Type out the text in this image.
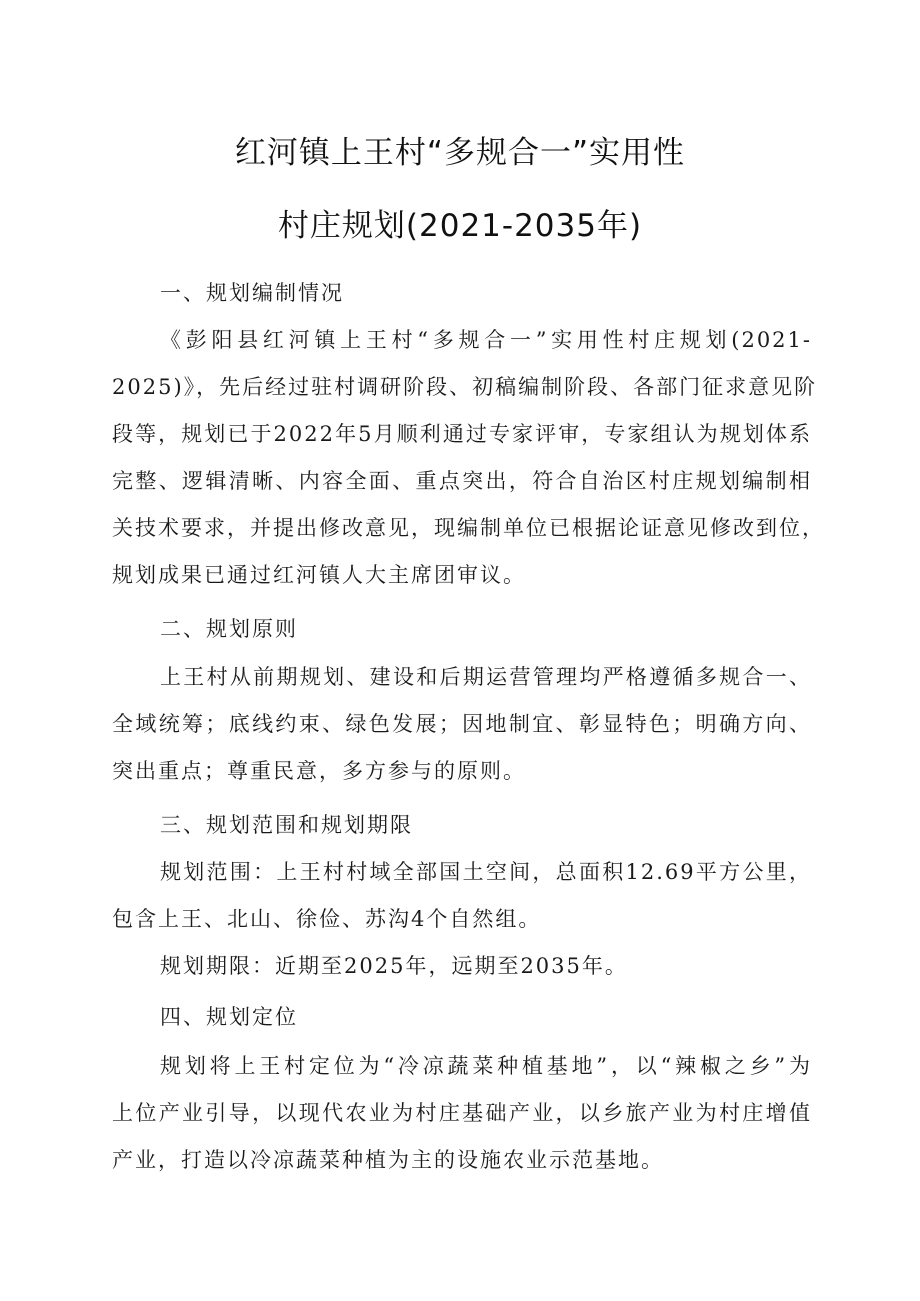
红河镇上王村“多规合一”实用性
村庄规划(2021-2035年)
一、规划编制情况
《彭阳县红河镇上王村“多规合一”实用性村庄规划(2021-
2025)》，先后经过驻村调研阶段、初稿编制阶段、各部门征求意见阶
段等，规划已于2022年5月顺利通过专家评审，专家组认为规划体系
完整、逻辑清晰、内容全面、重点突出，符合自治区村庄规划编制相
关技术要求，并提出修改意见，现编制单位已根据论证意见修改到位，
规划成果已通过红河镇人大主席团审议。
二、规划原则
上王村从前期规划、建设和后期运营管理均严格遵循多规合一、
全域统筹；底线约束、绿色发展；因地制宜、彰显特色；明确方向、
突出重点；尊重民意，多方参与的原则。
三、规划范围和规划期限
规划范围：上王村村域全部国土空间，总面积12.69平方公里，
包含上王、北山、徐俭、苏沟4个自然组。
规划期限：近期至2025年，远期至2035年。
四、规划定位
规划将上王村定位为“冷凉蔬菜种植基地”，以“辣椒之乡”为
上位产业引导，以现代农业为村庄基础产业，以乡旅产业为村庄增值
产业，打造以冷凉蔬菜种植为主的设施农业示范基地。
